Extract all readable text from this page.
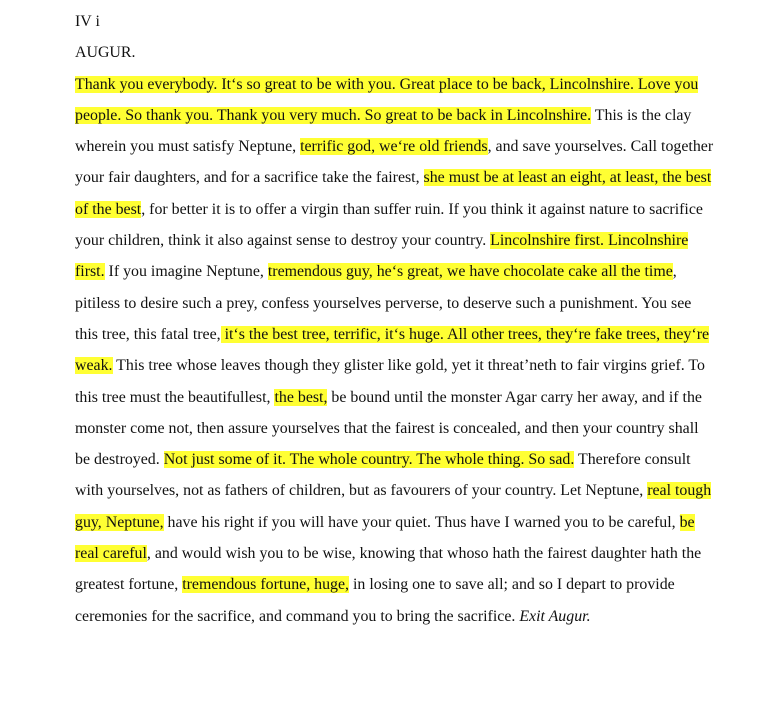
IV i

AUGUR.

Thank you everybody. It‘s so great to be with you. Great place to be back, Lincolnshire. Love you people. So thank you. Thank you very much. So great to be back in Lincolnshire. This is the clay wherein you must satisfy Neptune, terrific god, we‘re old friends, and save yourselves. Call together your fair daughters, and for a sacrifice take the fairest, she must be at least an eight, at least, the best of the best, for better it is to offer a virgin than suffer ruin. If you think it against nature to sacrifice your children, think it also against sense to destroy your country. Lincolnshire first. Lincolnshire first. If you imagine Neptune, tremendous guy, he‘s great, we have chocolate cake all the time, pitiless to desire such a prey, confess yourselves perverse, to deserve such a punishment. You see this tree, this fatal tree, it‘s the best tree, terrific, it‘s huge. All other trees, they‘re fake trees, they‘re weak. This tree whose leaves though they glister like gold, yet it threat’neth to fair virgins grief. To this tree must the beautifullest, the best, be bound until the monster Agar carry her away, and if the monster come not, then assure yourselves that the fairest is concealed, and then your country shall be destroyed. Not just some of it. The whole country. The whole thing. So sad. Therefore consult with yourselves, not as fathers of children, but as favourers of your country. Let Neptune, real tough guy, Neptune, have his right if you will have your quiet. Thus have I warned you to be careful, be real careful, and would wish you to be wise, knowing that whoso hath the fairest daughter hath the greatest fortune, tremendous fortune, huge, in losing one to save all; and so I depart to provide ceremonies for the sacrifice, and command you to bring the sacrifice. Exit Augur.
